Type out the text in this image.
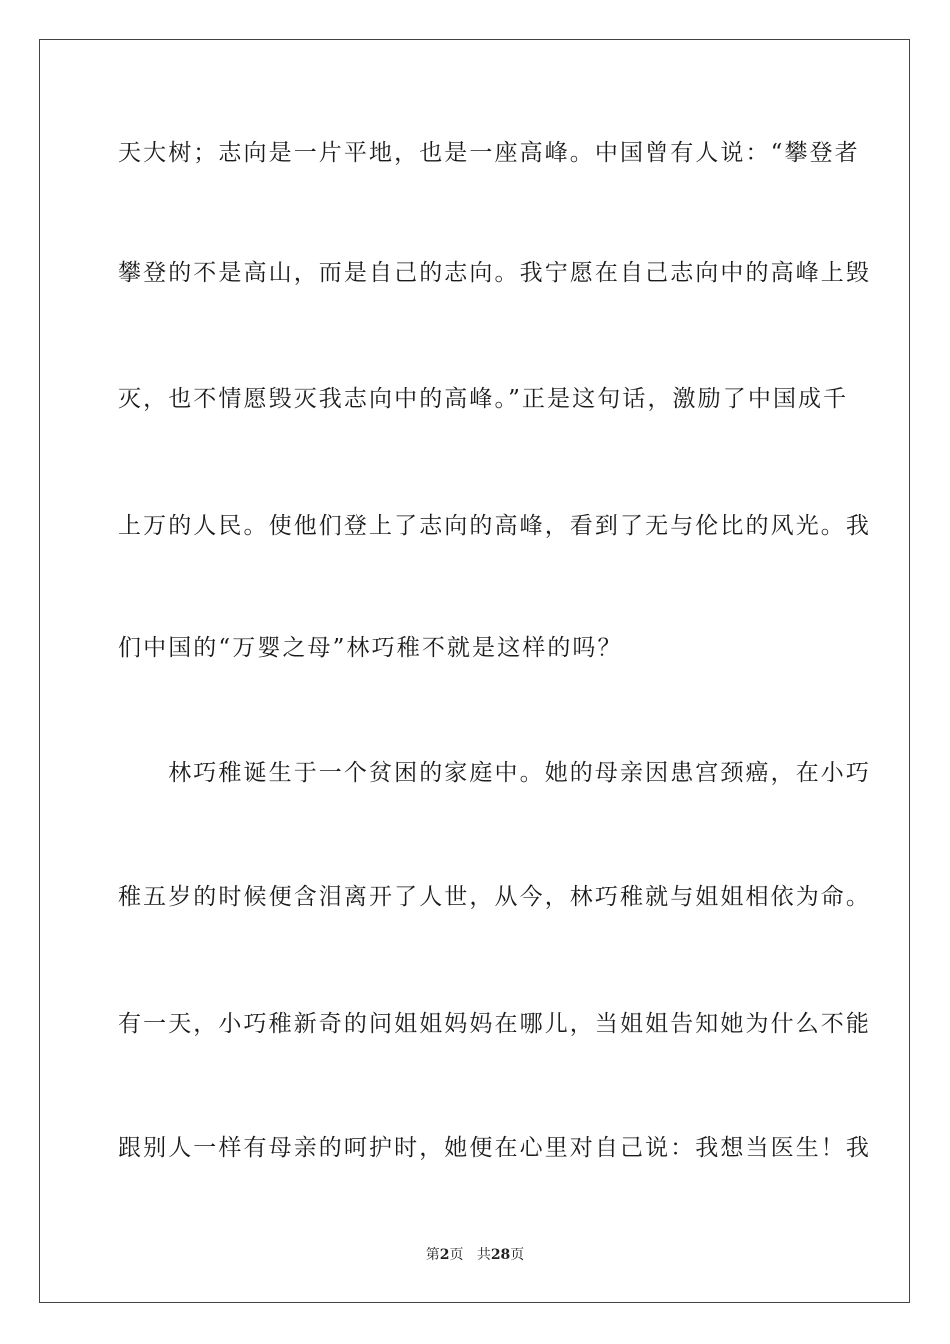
天大树；志向是一片平地，也是一座高峰。中国曾有人说：“攀登者
攀登的不是高山，而是自己的志向。我宁愿在自己志向中的高峰上毁
灭，也不情愿毁灭我志向中的高峰。”正是这句话，激励了中国成千
上万的人民。使他们登上了志向的高峰，看到了无与伦比的风光。我
们中国的“万婴之母”林巧稚不就是这样的吗？
　　林巧稚诞生于一个贫困的家庭中。她的母亲因患宫颈癌，在小巧
稚五岁的时候便含泪离开了人世，从今，林巧稚就与姐姐相依为命。
有一天，小巧稚新奇的问姐姐妈妈在哪儿，当姐姐告知她为什么不能
跟别人一样有母亲的呵护时，她便在心里对自己说：我想当医生！我
第2页 共28页
